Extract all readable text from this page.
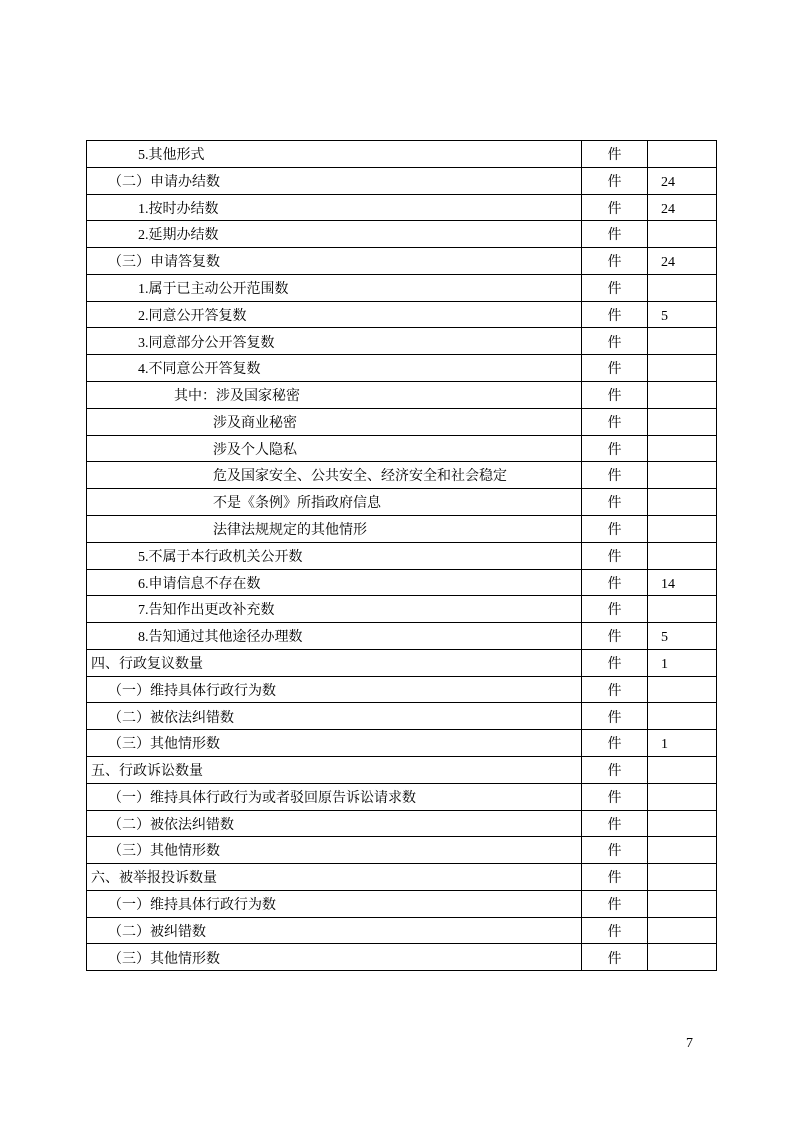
5.其他形式	件
（二）申请办结数	件	24
1.按时办结数	件	24
2.延期办结数	件
（三）申请答复数	件	24
1.属于已主动公开范围数	件
2.同意公开答复数	件	5
3.同意部分公开答复数	件
4.不同意公开答复数	件
其中：涉及国家秘密	件
涉及商业秘密	件
涉及个人隐私	件
危及国家安全、公共安全、经济安全和社会稳定	件
不是《条例》所指政府信息	件
法律法规规定的其他情形	件
5.不属于本行政机关公开数	件
6.申请信息不存在数	件	14
7.告知作出更改补充数	件
8.告知通过其他途径办理数	件	5
四、行政复议数量	件	1
（一）维持具体行政行为数	件
（二）被依法纠错数	件
（三）其他情形数	件	1
五、行政诉讼数量	件
（一）维持具体行政行为或者驳回原告诉讼请求数	件
（二）被依法纠错数	件
（三）其他情形数	件
六、被举报投诉数量	件
（一）维持具体行政行为数	件
（二）被纠错数	件
（三）其他情形数	件
7
